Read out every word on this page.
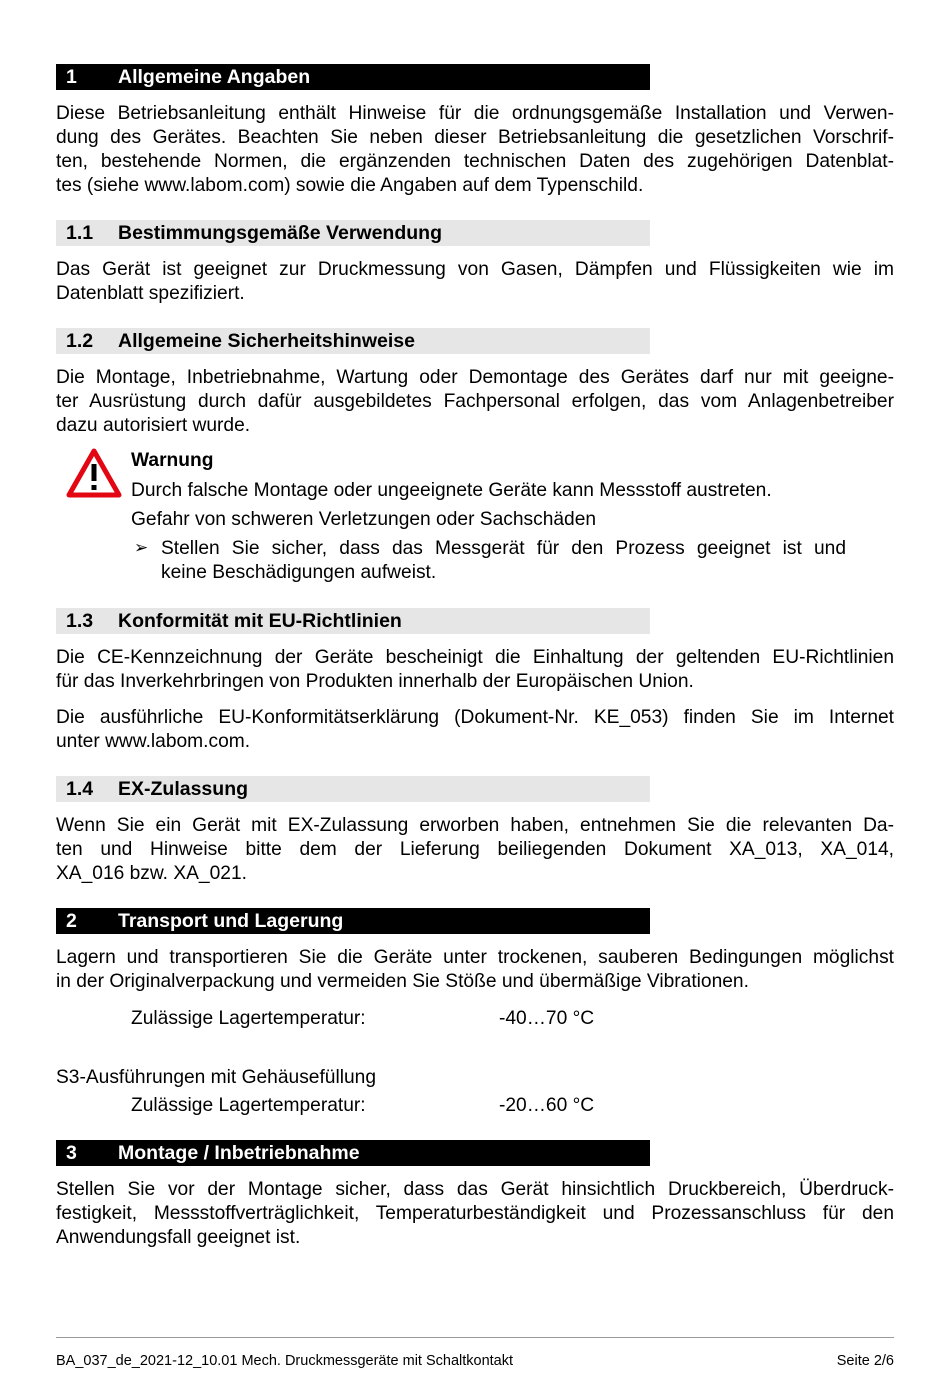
1 Allgemeine Angaben
Diese Betriebsanleitung enthält Hinweise für die ordnungsgemäße Installation und Verwen-
dung des Gerätes. Beachten Sie neben dieser Betriebsanleitung die gesetzlichen Vorschrif-
ten, bestehende Normen, die ergänzenden technischen Daten des zugehörigen Datenblat-
tes (siehe www.labom.com) sowie die Angaben auf dem Typenschild.
1.1 Bestimmungsgemäße Verwendung
Das Gerät ist geeignet zur Druckmessung von Gasen, Dämpfen und Flüssigkeiten wie im
Datenblatt spezifiziert.
1.2 Allgemeine Sicherheitshinweise
Die Montage, Inbetriebnahme, Wartung oder Demontage des Gerätes darf nur mit geeigne-
ter Ausrüstung durch dafür ausgebildetes Fachpersonal erfolgen, das vom Anlagenbetreiber
dazu autorisiert wurde.
Warnung
Durch falsche Montage oder ungeeignete Geräte kann Messstoff austreten.
Gefahr von schweren Verletzungen oder Sachschäden
➢ Stellen Sie sicher, dass das Messgerät für den Prozess geeignet ist und
keine Beschädigungen aufweist.
1.3 Konformität mit EU-Richtlinien
Die CE-Kennzeichnung der Geräte bescheinigt die Einhaltung der geltenden EU-Richtlinien
für das Inverkehrbringen von Produkten innerhalb der Europäischen Union.
Die ausführliche EU-Konformitätserklärung (Dokument-Nr. KE_053) finden Sie im Internet
unter www.labom.com.
1.4 EX-Zulassung
Wenn Sie ein Gerät mit EX-Zulassung erworben haben, entnehmen Sie die relevanten Da-
ten und Hinweise bitte dem der Lieferung beiliegenden Dokument XA_013, XA_014,
XA_016 bzw. XA_021.
2 Transport und Lagerung
Lagern und transportieren Sie die Geräte unter trockenen, sauberen Bedingungen möglichst
in der Originalverpackung und vermeiden Sie Stöße und übermäßige Vibrationen.
Zulässige Lagertemperatur:	-40…70 °C
S3-Ausführungen mit Gehäusefüllung
Zulässige Lagertemperatur:	-20…60 °C
3 Montage / Inbetriebnahme
Stellen Sie vor der Montage sicher, dass das Gerät hinsichtlich Druckbereich, Überdruck-
festigkeit, Messstoffverträglichkeit, Temperaturbeständigkeit und Prozessanschluss für den
Anwendungsfall geeignet ist.
BA_037_de_2021-12_10.01 Mech. Druckmessgeräte mit Schaltkontakt	Seite 2/6
